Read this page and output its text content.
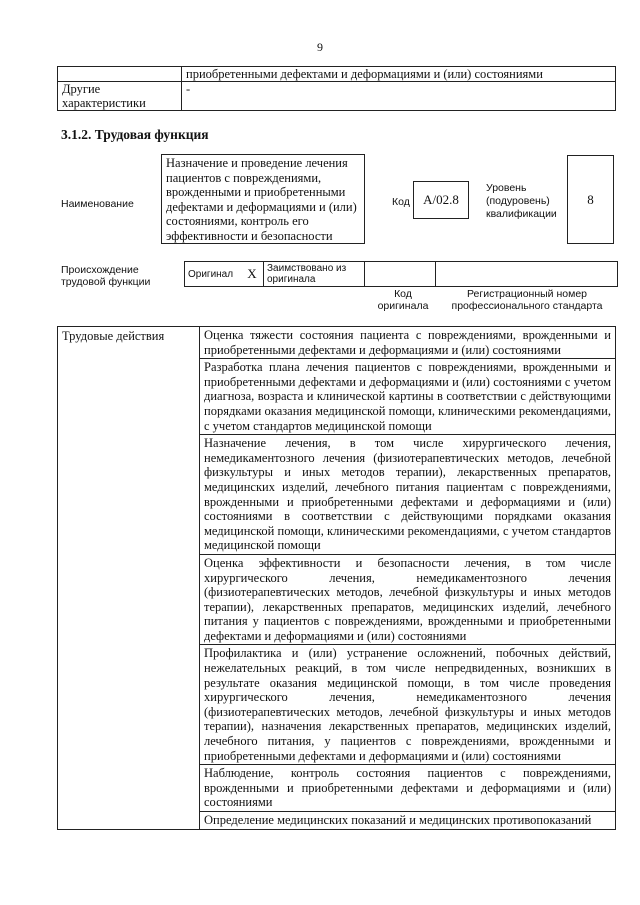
9
	приобретенными дефектами и деформациями и (или) состояниями
Другие характеристики	-
3.1.2. Трудовая функция
Наименование
Назначение и проведение лечения пациентов с повреждениями, врожденными и приобретенными дефектами и деформациями и (или) состояниями, контроль его эффективности и безопасности
Код	A/02.8
Уровень (подуровень) квалификации
8
Происхождение трудовой функции
Оригинал	X	Заимствовано из оригинала		
Код оригинала
Регистрационный номер профессионального стандарта
Трудовые действия	Оценка тяжести состояния пациента с повреждениями, врожденными и приобретенными дефектами и деформациями и (или) состояниями
Разработка плана лечения пациентов с повреждениями, врожденными и приобретенными дефектами и деформациями и (или) состояниями с учетом диагноза, возраста и клинической картины в соответствии с действующими порядками оказания медицинской помощи, клиническими рекомендациями, с учетом стандартов медицинской помощи
Назначение лечения, в том числе хирургического лечения, немедикаментозного лечения (физиотерапевтических методов, лечебной физкультуры и иных методов терапии), лекарственных препаратов, медицинских изделий, лечебного питания пациентам с повреждениями, врожденными и приобретенными дефектами и деформациями и (или) состояниями в соответствии с действующими порядками оказания медицинской помощи, клиническими рекомендациями, с учетом стандартов медицинской помощи
Оценка эффективности и безопасности лечения, в том числе хирургического лечения, немедикаментозного лечения (физиотерапевтических методов, лечебной физкультуры и иных методов терапии), лекарственных препаратов, медицинских изделий, лечебного питания у пациентов с повреждениями, врожденными и приобретенными дефектами и деформациями и (или) состояниями
Профилактика и (или) устранение осложнений, побочных действий, нежелательных реакций, в том числе непредвиденных, возникших в результате оказания медицинской помощи, в том числе проведения хирургического лечения, немедикаментозного лечения (физиотерапевтических методов, лечебной физкультуры и иных методов терапии), назначения лекарственных препаратов, медицинских изделий, лечебного питания, у пациентов с повреждениями, врожденными и приобретенными дефектами и деформациями и (или) состояниями
Наблюдение, контроль состояния пациентов с повреждениями, врожденными и приобретенными дефектами и деформациями и (или) состояниями
Определение медицинских показаний и медицинских противопоказаний
